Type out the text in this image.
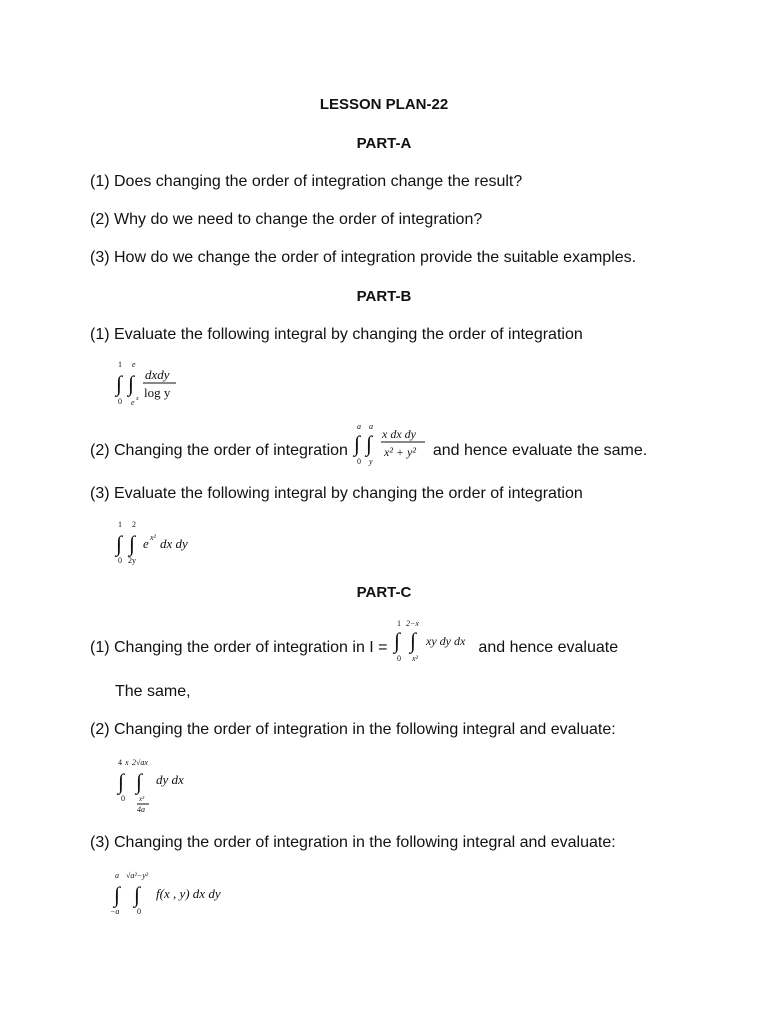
LESSON PLAN-22

PART-A

(1) Does changing the order of integration change the result?

(2) Why do we need to change the order of integration?

(3) How do we change the order of integration provide the suitable examples.

PART-B

(1) Evaluate the following integral by changing the order of integration

1
∫
0
e
∫
e x
dxdy
log y

(2) Changing the order of integration
a
∫
0
a
∫
y
x dx dy
x² + y² and hence evaluate the same.

(3) Evaluate the following integral by changing the order of integration

1
∫
0
2
∫
2y
e x² dx dy

PART-C

(1) Changing the order of integration in I =
1
∫
0
2−x
∫
x²
xy dy dx and hence evaluate

The same,

(2) Changing the order of integration in the following integral and evaluate:

4 x
∫
0
2√ax
∫
x²
4a
dy dx

(3) Changing the order of integration in the following integral and evaluate:

a
∫
−a
√a²−y²
∫
0
f(x , y) dx dy
